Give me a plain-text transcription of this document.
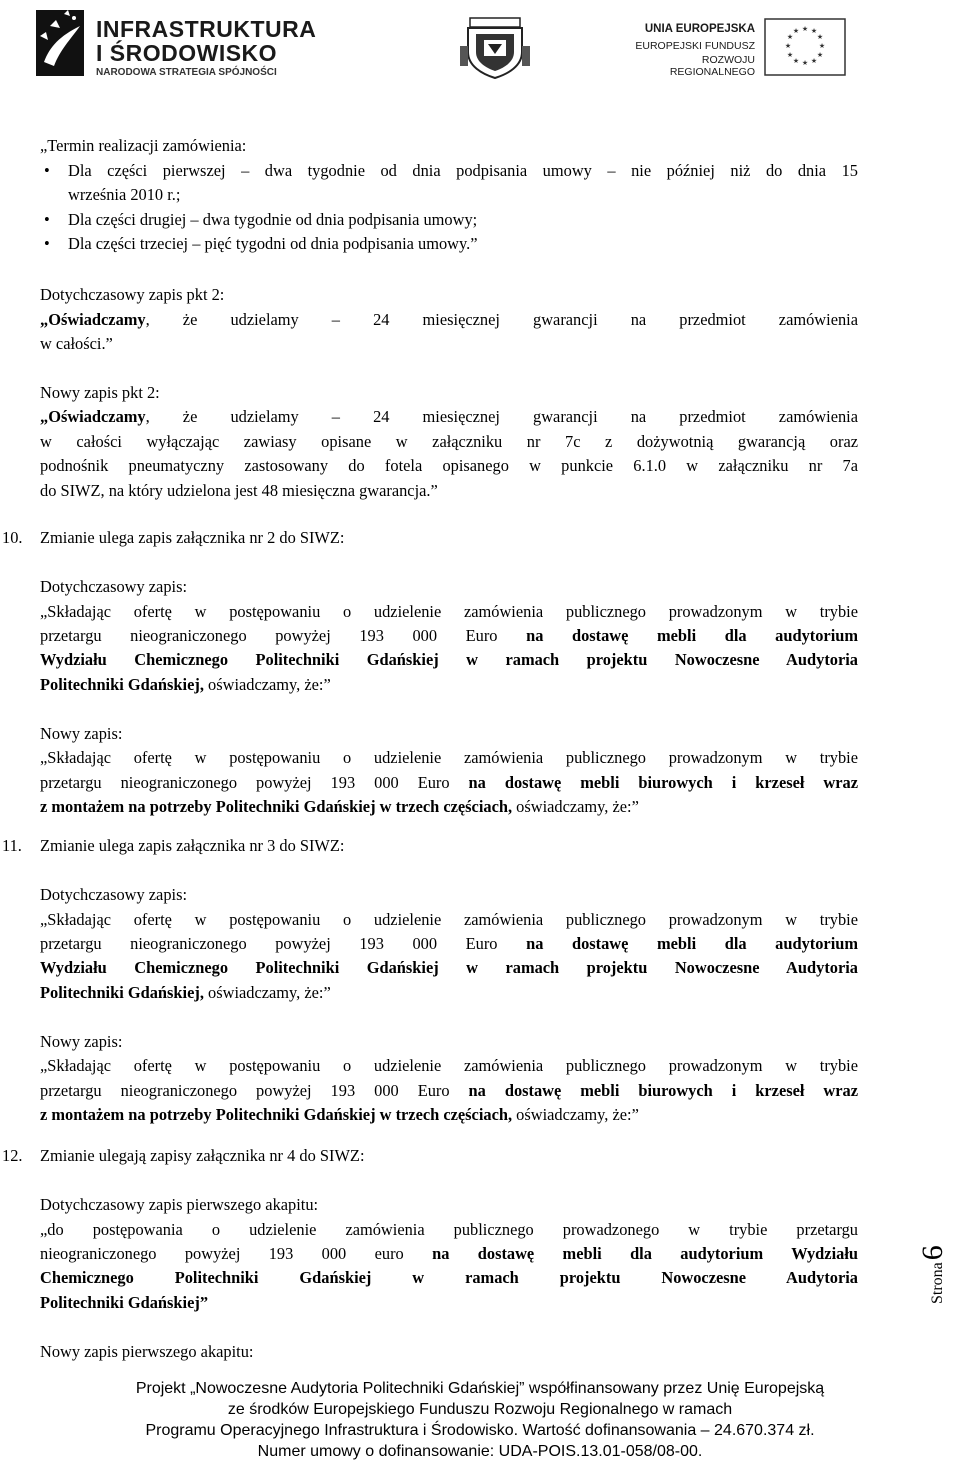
INFRASTRUKTURA
I ŚRODOWISKO
NARODOWA STRATEGIA SPÓJNOŚCI
UNIA EUROPEJSKA
EUROPEJSKI FUNDUSZ
ROZWOJU REGIONALNEGO
★ ★
★
★
★
★
★
★
★
★
★
★
„Termin realizacji zamówienia:
• Dla części pierwszej – dwa tygodnie od dnia podpisania umowy – nie później niż do dnia 15
września 2010 r.;
• Dla części drugiej – dwa tygodnie od dnia podpisania umowy;
• Dla części trzeciej – pięć tygodni od dnia podpisania umowy.”
Dotychczasowy zapis pkt 2:
„Oświadczamy, że udzielamy – 24 miesięcznej gwarancji na przedmiot zamówienia
w całości.”
Nowy zapis pkt 2:
„Oświadczamy, że udzielamy – 24 miesięcznej gwarancji na przedmiot zamówienia
w całości wyłączając zawiasy opisane w załączniku nr 7c z dożywotnią gwarancją oraz
podnośnik pneumatyczny zastosowany do fotela opisanego w punkcie 6.1.0 w załączniku nr 7a
do SIWZ, na który udzielona jest 48 miesięczna gwarancja.”
10.	Zmianie ulega zapis załącznika nr 2 do SIWZ:
Dotychczasowy zapis:
„Składając ofertę w postępowaniu o udzielenie zamówienia publicznego prowadzonym w trybie
przetargu nieograniczonego powyżej 193 000 Euro na dostawę mebli dla audytorium
Wydziału Chemicznego Politechniki Gdańskiej w ramach projektu Nowoczesne Audytoria
Politechniki Gdańskiej, oświadczamy, że:”
Nowy zapis:
„Składając ofertę w postępowaniu o udzielenie zamówienia publicznego prowadzonym w trybie
przetargu nieograniczonego powyżej 193 000 Euro na dostawę mebli biurowych i krzeseł wraz
z montażem na potrzeby Politechniki Gdańskiej w trzech częściach, oświadczamy, że:”
11.	Zmianie ulega zapis załącznika nr 3 do SIWZ:
Dotychczasowy zapis:
„Składając ofertę w postępowaniu o udzielenie zamówienia publicznego prowadzonym w trybie
przetargu nieograniczonego powyżej 193 000 Euro na dostawę mebli dla audytorium
Wydziału Chemicznego Politechniki Gdańskiej w ramach projektu Nowoczesne Audytoria
Politechniki Gdańskiej, oświadczamy, że:”
Nowy zapis:
„Składając ofertę w postępowaniu o udzielenie zamówienia publicznego prowadzonym w trybie
przetargu nieograniczonego powyżej 193 000 Euro na dostawę mebli biurowych i krzeseł wraz
z montażem na potrzeby Politechniki Gdańskiej w trzech częściach, oświadczamy, że:”
12.	Zmianie ulegają zapisy załącznika nr 4 do SIWZ:
Dotychczasowy zapis pierwszego akapitu:
„do postępowania o udzielenie zamówienia publicznego prowadzonego w trybie przetargu
nieograniczonego powyżej 193 000 euro na dostawę mebli dla audytorium Wydziału
Chemicznego Politechniki Gdańskiej w ramach projektu Nowoczesne Audytoria
Politechniki Gdańskiej”
Nowy zapis pierwszego akapitu:
Strona6
Projekt „Nowoczesne Audytoria Politechniki Gdańskiej” współfinansowany przez Unię Europejską
ze środków Europejskiego Funduszu Rozwoju Regionalnego w ramach
Programu Operacyjnego Infrastruktura i Środowisko. Wartość dofinansowania – 24.670.374 zł.
Numer umowy o dofinansowanie: UDA-POIS.13.01-058/08-00.
